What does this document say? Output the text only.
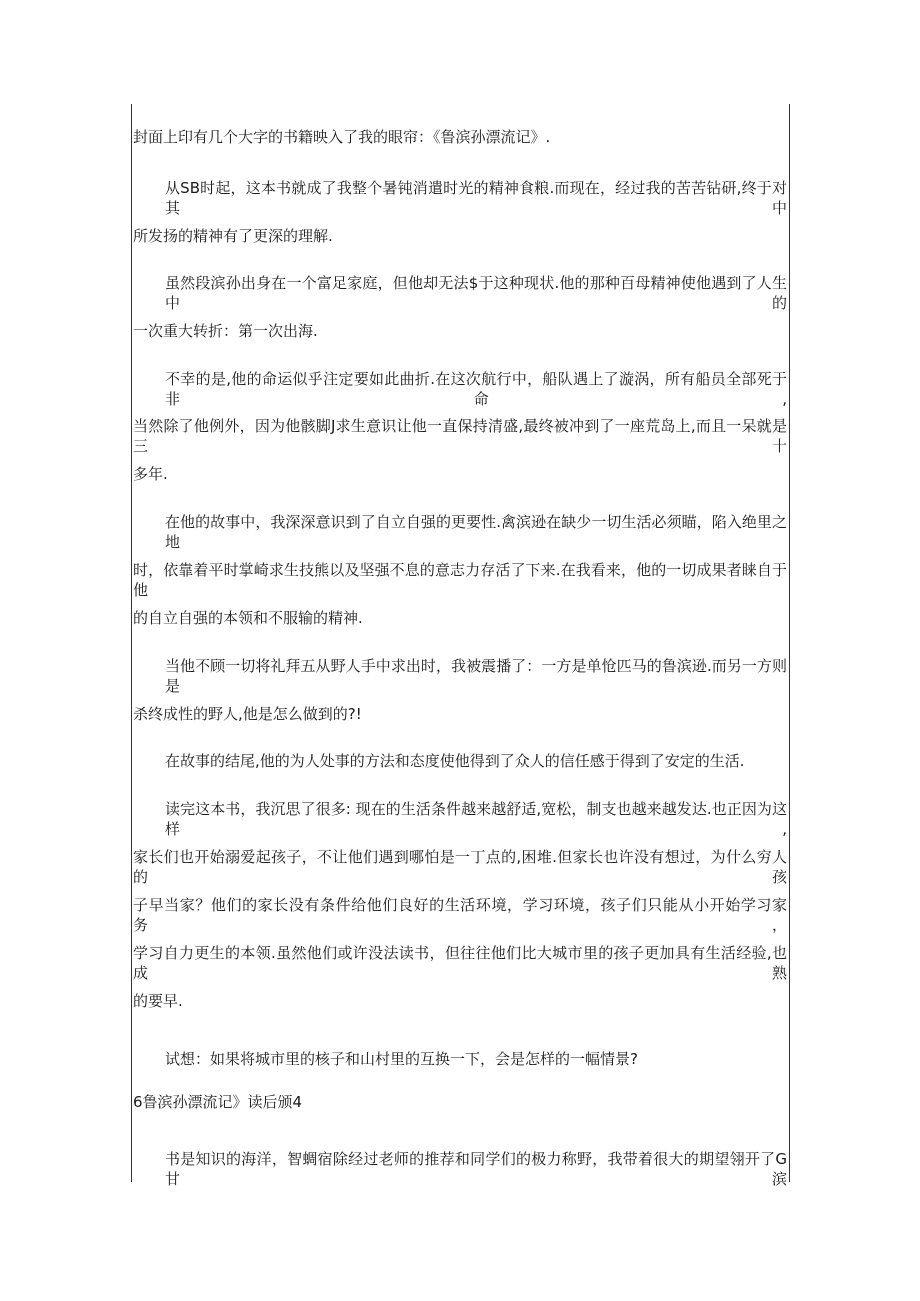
封面上印有几个大字的书籍映入了我的眼帘：《鲁滨孙漂流记》.
从SB时起，这本书就成了我整个暑钝消遣时光的精神食粮.而现在，经过我的苦苦钻研,终于对其中
所发扬的精神有了更深的理解.
虽然段滨孙出身在一个富足家庭，但他却无法$于这种现状.他的那种百母精神使他遇到了人生中的
一次重大转折：第一次出海.
不幸的是,他的命运似乎注定要如此曲折.在这次航行中，船队遇上了漩涡，所有船员全部死于非命,
当然除了他例外，因为他骸脚J求生意识让他一直保持清盛,最终被冲到了一座荒岛上,而且一呆就是三十
多年.
在他的故事中，我深深意识到了自立自强的更要性.禽滨逊在缺少一切生活必须瞄，陷入绝里之地
时，依靠着平时掌崎求生技熊以及坚强不息的意志力存活了下来.在我看来，他的一切成果者睐自于他
的自立自强的本领和不服输的精神.
当他不顾一切将礼拜五从野人手中求出时，我被震播了：一方是单怆匹马的鲁滨逊.而另一方则是
杀终成性的野人,他是怎么做到的?!
在故事的结尾,他的为人处事的方法和态度使他得到了众人的信任感于得到了安定的生活.
读完这本书，我沉思了很多: 现在的生活条件越来越舒适,宽松，制支也越来越发达.也正因为这样,
家长们也开始溺爱起孩子，不让他们遇到哪怕是一丁点的,困堆.但家长也许没有想过，为什么穷人的孩
子早当家？他们的家长没有条件给他们良好的生活环境，学习环境，孩子们只能从小开始学习家务，
学习自力更生的本领.虽然他们或许没法读书，但往往他们比大城市里的孩子更加具有生活经验,也成熟
的要早.
试想：如果将城市里的核子和山村里的互换一下，会是怎样的一幅情景?
6鲁滨孙漂流记》读后颁4
书是知识的海洋，智蜩宿除经过老师的推荐和同学们的极力称野，我带着很大的期望翎开了G甘滨
